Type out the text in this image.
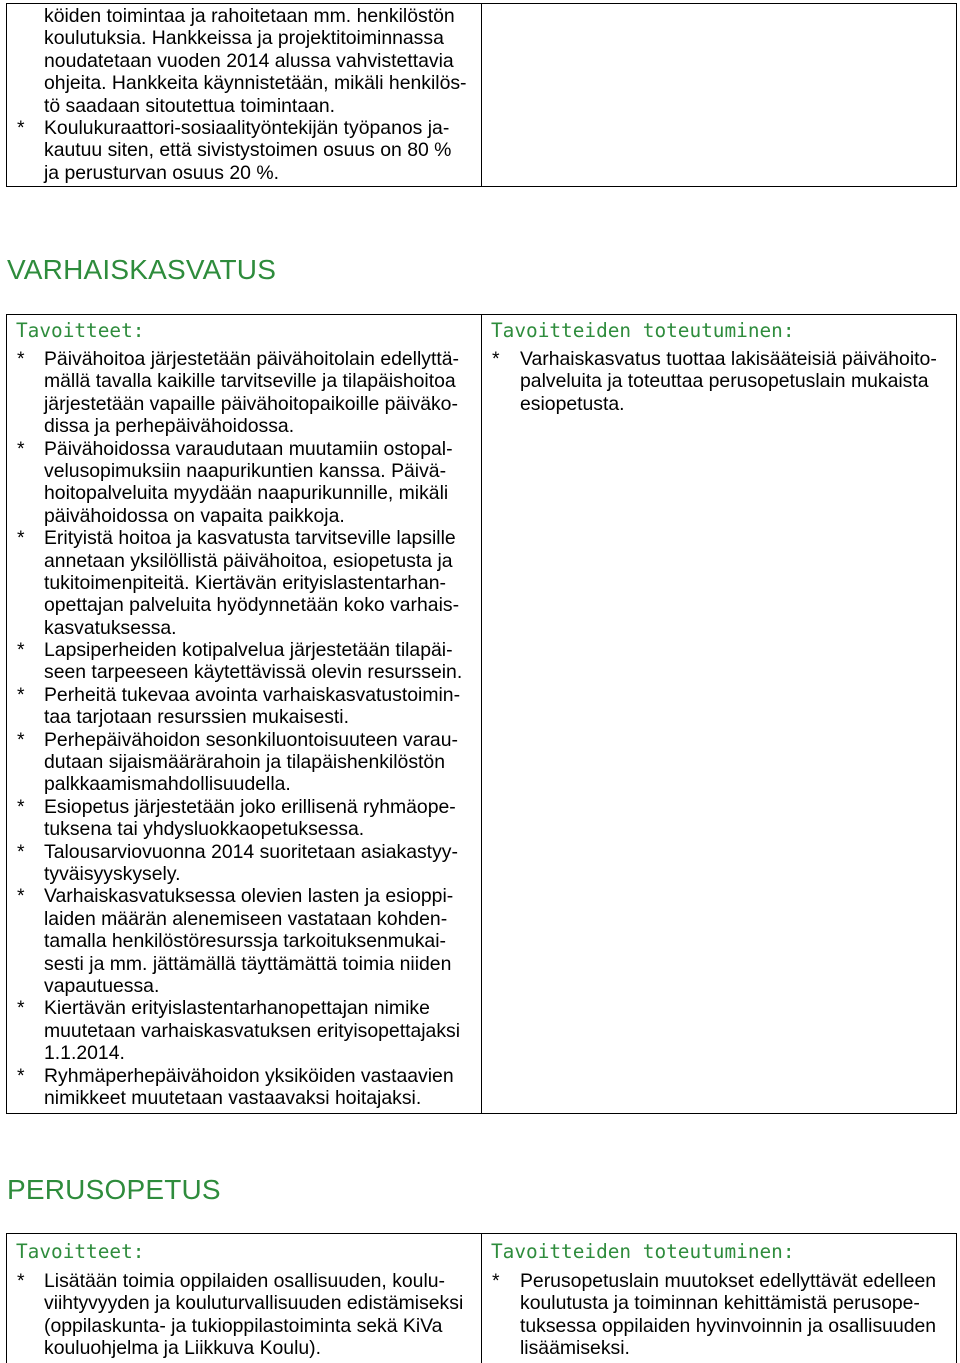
köiden toimintaa ja rahoitetaan mm. henkilöstön
koulutuksia. Hankkeissa ja projektitoiminnassa
noudatetaan vuoden 2014 alussa vahvistettavia
ohjeita. Hankkeita käynnistetään, mikäli henkilös-
tö saadaan sitoutettua toimintaan.
* Koulukuraattori-sosiaalityöntekijän työpanos ja-
kautuu siten, että sivistystoimen osuus on 80 %
ja perusturvan osuus 20 %.
VARHAISKASVATUS
Tavoitteet:
* Päivähoitoa järjestetään päivähoitolain edellyttä-
mällä tavalla kaikille tarvitseville ja tilapäishoitoa
järjestetään vapaille päivähoitopaikoille päiväko-
dissa ja perhepäivähoidossa.
* Päivähoidossa varaudutaan muutamiin ostopal-
velusopimuksiin naapurikuntien kanssa. Päivä-
hoitopalveluita myydään naapurikunnille, mikäli
päivähoidossa on vapaita paikkoja.
* Erityistä hoitoa ja kasvatusta tarvitseville lapsille
annetaan yksilöllistä päivähoitoa, esiopetusta ja
tukitoimenpiteitä. Kiertävän erityislastentarhan-
opettajan palveluita hyödynnetään koko varhais-
kasvatuksessa.
* Lapsiperheiden kotipalvelua järjestetään tilapäi-
seen tarpeeseen käytettävissä olevin resurssein.
* Perheitä tukevaa avointa varhaiskasvatustoimin-
taa tarjotaan resurssien mukaisesti.
* Perhepäivähoidon sesonkiluontoisuuteen varau-
dutaan sijaismäärärahoin ja tilapäishenkilöstön
palkkaamismahdollisuudella.
* Esiopetus järjestetään joko erillisenä ryhmäope-
tuksena tai yhdysluokkaopetuksessa.
* Talousarviovuonna 2014 suoritetaan asiakastyy-
tyväisyyskysely.
* Varhaiskasvatuksessa olevien lasten ja esioppi-
laiden määrän alenemiseen vastataan kohden-
tamalla henkilöstöresurssja tarkoituksenmukai-
sesti ja mm. jättämällä täyttämättä toimia niiden
vapautuessa.
* Kiertävän erityislastentarhanopettajan nimike
muutetaan varhaiskasvatuksen erityisopettajaksi
1.1.2014.
* Ryhmäperhepäivähoidon yksiköiden vastaavien
nimikkeet muutetaan vastaavaksi hoitajaksi.
Tavoitteiden toteutuminen:
* Varhaiskasvatus tuottaa lakisääteisiä päivähoito-
palveluita ja toteuttaa perusopetuslain mukaista
esiopetusta.
PERUSOPETUS
Tavoitteet:
* Lisätään toimia oppilaiden osallisuuden, koulu-
viihtyvyyden ja kouluturvallisuuden edistämiseksi
(oppilaskunta- ja tukioppilastoiminta sekä KiVa
kouluohjelma ja Liikkuva Koulu).
Tavoitteiden toteutuminen:
* Perusopetuslain muutokset edellyttävät edelleen
koulutusta ja toiminnan kehittämistä perusope-
tuksessa oppilaiden hyvinvoinnin ja osallisuuden
lisäämiseksi.
